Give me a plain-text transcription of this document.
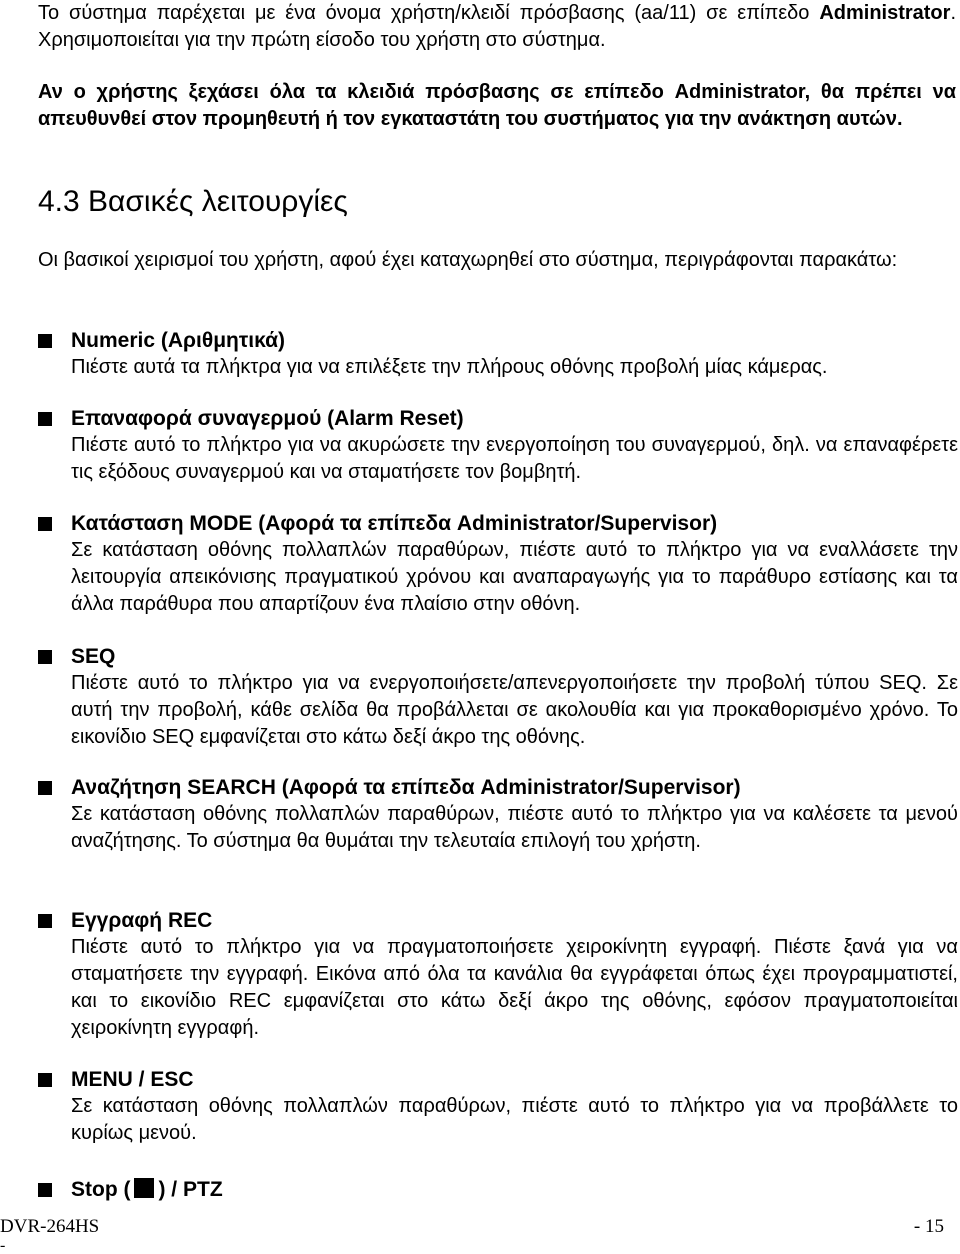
Το σύστημα παρέχεται με ένα όνομα χρήστη/κλειδί πρόσβασης (aa/11) σε επίπεδο Administrator. Χρησιμοποιείται για την πρώτη είσοδο του χρήστη στο σύστημα.

Αν ο χρήστης ξεχάσει όλα τα κλειδιά πρόσβασης σε επίπεδο Administrator, θα πρέπει να απευθυνθεί στον προμηθευτή ή τον εγκαταστάτη του συστήματος για την ανάκτηση αυτών.

4.3 Βασικές λειτουργίες

Οι βασικοί χειρισμοί του χρήστη, αφού έχει καταχωρηθεί στο σύστημα, περιγράφονται παρακάτω:

Numeric (Αριθμητικά)

Πιέστε αυτά τα πλήκτρα για να επιλέξετε την πλήρους οθόνης προβολή μίας κάμερας.

Επαναφορά συναγερμού (Alarm Reset)

Πιέστε αυτό το πλήκτρο για να ακυρώσετε την ενεργοποίηση του συναγερμού, δηλ. να επαναφέρετε τις εξόδους συναγερμού και να σταματήσετε τον βομβητή.

Κατάσταση MODE (Αφορά τα επίπεδα Administrator/Supervisor)

Σε κατάσταση οθόνης πολλαπλών παραθύρων, πιέστε αυτό το πλήκτρο για να εναλλάσετε την λειτουργία απεικόνισης πραγματικού χρόνου και αναπαραγωγής για το παράθυρο εστίασης και τα άλλα παράθυρα που απαρτίζουν ένα πλαίσιο στην οθόνη.

SEQ

Πιέστε αυτό το πλήκτρο για να ενεργοποιήσετε/απενεργοποιήσετε την προβολή τύπου SEQ. Σε αυτή την προβολή, κάθε σελίδα θα προβάλλεται σε ακολουθία και για προκαθορισμένο χρόνο. Το εικονίδιο SEQ εμφανίζεται στο κάτω δεξί άκρο της οθόνης.

Αναζήτηση SEARCH (Αφορά τα επίπεδα Administrator/Supervisor)

Σε κατάσταση οθόνης πολλαπλών παραθύρων, πιέστε αυτό το πλήκτρο για να καλέσετε τα μενού αναζήτησης. Το σύστημα θα θυμάται την τελευταία επιλογή του χρήστη.

Εγγραφή REC

Πιέστε αυτό το πλήκτρο για να πραγματοποιήσετε χειροκίνητη εγγραφή. Πιέστε ξανά για να σταματήσετε την εγγραφή. Εικόνα από όλα τα κανάλια θα εγγράφεται όπως έχει προγραμματιστεί, και το εικονίδιο REC εμφανίζεται στο κάτω δεξί άκρο της οθόνης, εφόσον πραγματοποιείται χειροκίνητη εγγραφή.

MENU / ESC

Σε κατάσταση οθόνης πολλαπλών παραθύρων, πιέστε αυτό το πλήκτρο για να προβάλλετε το κυρίως μενού.

Stop ( ) / PTZ
DVR-264HS	- 15
-
